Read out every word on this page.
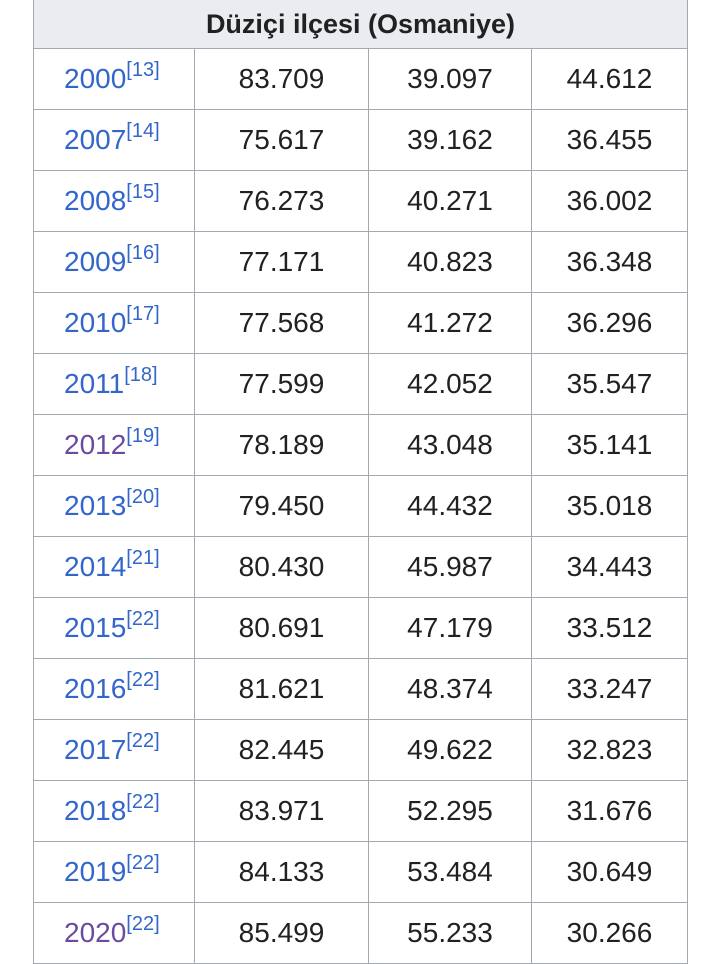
Düziçi ilçesi (Osmaniye)			
2000[13]	83.709	39.097	44.612
2007[14]	75.617	39.162	36.455
2008[15]	76.273	40.271	36.002
2009[16]	77.171	40.823	36.348
2010[17]	77.568	41.272	36.296
2011[18]	77.599	42.052	35.547
2012[19]	78.189	43.048	35.141
2013[20]	79.450	44.432	35.018
2014[21]	80.430	45.987	34.443
2015[22]	80.691	47.179	33.512
2016[22]	81.621	48.374	33.247
2017[22]	82.445	49.622	32.823
2018[22]	83.971	52.295	31.676
2019[22]	84.133	53.484	30.649
2020[22]	85.499	55.233	30.266
